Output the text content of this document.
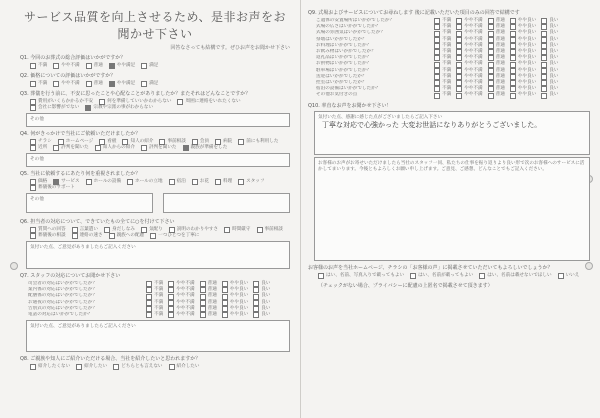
サービス品質を向上させるため、是非お声をお聞かせ下さい
回答なさっても結構です。ぜひお声をお聞かせ下さい
Q1. 今回のお葬式の総合評価はいかがですか？
不満	やや不満	普通	やや満足	満足
Q2. 価格についての評価はいかがですか？
不満	やや不満	普通	やや満足	満足
Q3. 葬儀を行う前に、不安に思ったことや心配なことがありましたか？またそれはどんなことですか？
費用がいくらかかるか不安	何を準備していいかわからない	周囲に連絡をいれたくない
会社に影響がでない	宗教や宗派の事がわからない
その他
Q4. 何がきっかけで当社にご依頼いただけましたか？
チラシ	ホームページ	看板	知人の紹介	事前相談	会員	病院	前にも利用した
近所	評判を聞いた	知人からの紹介	評判を聞いた	親族が準備をした
その他
Q5. 当社に依頼するにあたり何を重視されましたか？
価格	サービス	ホールの設備	ホールの立地	宿泊	お花	料理	スタッフ
葬儀後のサポート
その他
Q6. 担当者の対応について、できていたもの全てに○を付けて下さい
質問への回答	言葉遣い	身だしなみ	気配り	説明のわかりやすさ	時間厳守	事前相談
葬儀後の相談	連絡の速さ	親族への配慮	一つひとつを丁寧に
気付いた点、ご意見がありましたらご記入ください
Q7. スタッフの対応についてお聞かせ下さい
司会者の対応はいかがでしたか？	不満	やや不満	普通	やや良い	良い
案内係の対応はいかがでしたか？	不満	やや不満	普通	やや良い	良い
配膳係の対応はいかがでしたか？	不満	やや不満	普通	やや良い	良い
お通夜の対応はいかがでしたか？	不満	やや不満	普通	やや良い	良い
告別式の対応はいかがでしたか？	不満	やや不満	普通	やや良い	良い
電話の対応はいかがでしたか？	不満	やや不満	普通	やや良い	良い
気付いた点、ご意見がありましたらご記入ください
Q8. ご親族や知人にご紹介いただける場合、当社を紹介したいと思われますか？
紹介したくない	紹介したい	どちらとも言えない	紹介したい
Q9. 式場およびサービスについてお尋ねします 後に記載いただいた項目のみの回答で結構です
ご遺体の安置場所はいかがでしたか？	不満	やや不満	普通	やや良い	良い
式場の広さはいかがでしたか？	不満	やや不満	普通	やや良い	良い
式場の雰囲気はいかがでしたか？	不満	やや不満	普通	やや良い	良い
祭壇はいかがでしたか？	不満	やや不満	普通	やや良い	良い
お料理はいかがでしたか？	不満	やや不満	普通	やや良い	良い
お飲み物はいかがでしたか？	不満	やや不満	普通	やや良い	良い
返礼品はいかがでしたか？	不満	やや不満	普通	やや良い	良い
お供物はいかがでしたか？	不満	やや不満	普通	やや良い	良い
駐車場はいかがでしたか？	不満	やや不満	普通	やや良い	良い
送迎はいかがでしたか？	不満	やや不満	普通	やや良い	良い
控室はいかがでしたか？	不満	やや不満	普通	やや良い	良い
宿泊の設備はいかがでしたか？	不満	やや不満	普通	やや良い	良い
その他お気付きの点	不満	やや不満	普通	やや良い	良い
Q10. 率直なお声をお聞かせ下さい！
気付いた点、感謝に感じた点がございましたらご記入下さい
丁寧な対応で心強かった 大変お世話になりありがとうございました。
お客様のお声がお寄せいただけましたら当社のスタッフ一同、私たちの仕事を振り返りより良い形で次のお客様へのサービスに活かしてまいります。今後ともよろしくお願い申し上げます。ご意見、ご感想、どんなことでもご記入ください。
お客様のお声を当社ホームページ、チラシの「お客様の声」に掲載させていただいてもよろしいでしょうか？
はい、名前、写真入りで載ってもよい	はい、名前が載ってもよい	はい、名前は載せないでほしい	いいえ
（チェックがない場合、プライバシーに配慮の上匿名で掲載させて頂きます）
